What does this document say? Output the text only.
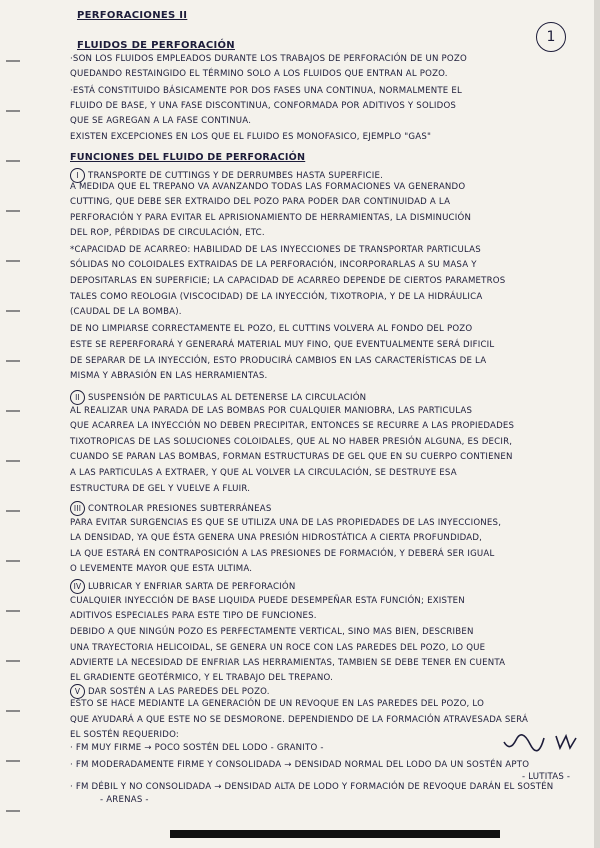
1
PERFORACIONES II
FLUIDOS DE PERFORACIÓN
·SON LOS FLUIDOS EMPLEADOS DURANTE LOS TRABAJOS DE PERFORACIÓN DE UN POZO
QUEDANDO RESTAINGIDO EL TÉRMINO SOLO A LOS FLUIDOS QUE ENTRAN AL POZO.
·ESTÁ CONSTITUIDO BÁSICAMENTE POR DOS FASES UNA CONTINUA, NORMALMENTE EL
FLUIDO DE BASE, Y UNA FASE DISCONTINUA, CONFORMADA POR ADITIVOS Y SOLIDOS
QUE SE AGREGAN A LA FASE CONTINUA.
EXISTEN EXCEPCIONES EN LOS QUE EL FLUIDO ES MONOFASICO, EJEMPLO "GAS"
FUNCIONES DEL FLUIDO DE PERFORACIÓN
I TRANSPORTE DE CUTTINGS Y DE DERRUMBES HASTA SUPERFICIE.
A MEDIDA QUE EL TREPANO VA AVANZANDO TODAS LAS FORMACIONES VA GENERANDO
CUTTING, QUE DEBE SER EXTRAIDO DEL POZO PARA PODER DAR CONTINUIDAD A LA
PERFORACIÓN Y PARA EVITAR EL APRISIONAMIENTO DE HERRAMIENTAS, LA DISMINUCIÓN
DEL ROP, PÉRDIDAS DE CIRCULACIÓN, ETC.
*CAPACIDAD DE ACARREO: HABILIDAD DE LAS INYECCIONES DE TRANSPORTAR PARTICULAS
SÓLIDAS NO COLOIDALES EXTRAIDAS DE LA PERFORACIÓN, INCORPORARLAS A SU MASA Y
DEPOSITARLAS EN SUPERFICIE; LA CAPACIDAD DE ACARREO DEPENDE DE CIERTOS PARAMETROS
TALES COMO REOLOGIA (VISCOCIDAD) DE LA INYECCIÓN, TIXOTROPIA, Y DE LA HIDRÁULICA
(CAUDAL DE LA BOMBA).
DE NO LIMPIARSE CORRECTAMENTE EL POZO, EL CUTTINS VOLVERA AL FONDO DEL POZO
ESTE SE REPERFORARÁ Y GENERARÁ MATERIAL MUY FINO, QUE EVENTUALMENTE SERÁ DIFICIL
DE SEPARAR DE LA INYECCIÓN, ESTO PRODUCIRÁ CAMBIOS EN LAS CARACTERÍSTICAS DE LA
MISMA Y ABRASIÓN EN LAS HERRAMIENTAS.
II SUSPENSIÓN DE PARTICULAS AL DETENERSE LA CIRCULACIÓN
AL REALIZAR UNA PARADA DE LAS BOMBAS POR CUALQUIER MANIOBRA, LAS PARTICULAS
QUE ACARREA LA INYECCIÓN NO DEBEN PRECIPITAR, ENTONCES SE RECURRE A LAS PROPIEDADES
TIXOTROPICAS DE LAS SOLUCIONES COLOIDALES, QUE AL NO HABER PRESIÓN ALGUNA, ES DECIR,
CUANDO SE PARAN LAS BOMBAS, FORMAN ESTRUCTURAS DE GEL QUE EN SU CUERPO CONTIENEN
A LAS PARTICULAS A EXTRAER, Y QUE AL VOLVER LA CIRCULACIÓN, SE DESTRUYE ESA
ESTRUCTURA DE GEL Y VUELVE A FLUIR.
III CONTROLAR PRESIONES SUBTERRÁNEAS
PARA EVITAR SURGENCIAS ES QUE SE UTILIZA UNA DE LAS PROPIEDADES DE LAS INYECCIONES,
LA DENSIDAD, YA QUE ÉSTA GENERA UNA PRESIÓN HIDROSTÁTICA A CIERTA PROFUNDIDAD,
LA QUE ESTARÁ EN CONTRAPOSICIÓN A LAS PRESIONES DE FORMACIÓN, Y DEBERÁ SER IGUAL
O LEVEMENTE MAYOR QUE ESTA ULTIMA.
IV LUBRICAR Y ENFRIAR SARTA DE PERFORACIÓN
CUALQUIER INYECCIÓN DE BASE LIQUIDA PUEDE DESEMPEÑAR ESTA FUNCIÓN; EXISTEN
ADITIVOS ESPECIALES PARA ESTE TIPO DE FUNCIONES.
DEBIDO A QUE NINGÚN POZO ES PERFECTAMENTE VERTICAL, SINO MAS BIEN, DESCRIBEN
UNA TRAYECTORIA HELICOIDAL, SE GENERA UN ROCE CON LAS PAREDES DEL POZO, LO QUE
ADVIERTE LA NECESIDAD DE ENFRIAR LAS HERRAMIENTAS, TAMBIEN SE DEBE TENER EN CUENTA
EL GRADIENTE GEOTÉRMICO, Y EL TRABAJO DEL TREPANO.
V DAR SOSTÉN A LAS PAREDES DEL POZO.
ESTO SE HACE MEDIANTE LA GENERACIÓN DE UN REVOQUE EN LAS PAREDES DEL POZO, LO
QUE AYUDARÁ A QUE ESTE NO SE DESMORONE. DEPENDIENDO DE LA FORMACIÓN ATRAVESADA SERÁ
EL SOSTÉN REQUERIDO:
· FM MUY FIRME → POCO SOSTÉN DEL LODO - GRANITO -
· FM MODERADAMENTE FIRME Y CONSOLIDADA → DENSIDAD NORMAL DEL LODO DA UN SOSTÉN APTO
- LUTITAS -
· FM DÉBIL Y NO CONSOLIDADA → DENSIDAD ALTA DE LODO Y FORMACIÓN DE REVOQUE DARÁN EL SOSTÉN
- ARENAS -
